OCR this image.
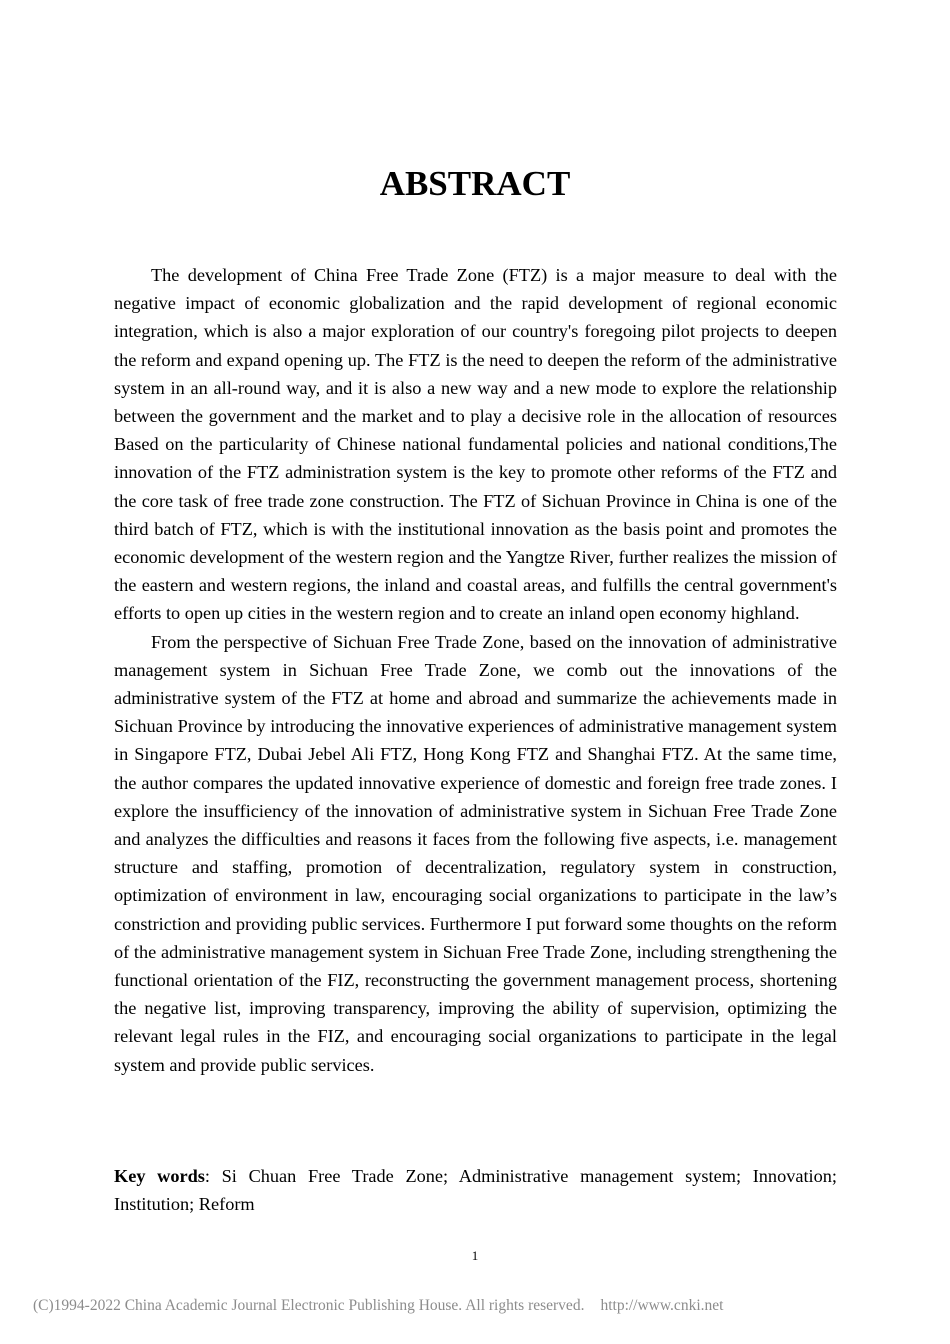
ABSTRACT

The development of China Free Trade Zone (FTZ) is a major measure to deal with the negative impact of economic globalization and the rapid development of regional economic integration, which is also a major exploration of our country's foregoing pilot projects to deepen the reform and expand opening up. The FTZ is the need to deepen the reform of the administrative system in an all-round way, and it is also a new way and a new mode to explore the relationship between the government and the market and to play a decisive role in the allocation of resources Based on the particularity of Chinese national fundamental policies and national conditions,The innovation of the FTZ administration system is the key to promote other reforms of the FTZ and the core task of free trade zone construction. The FTZ of Sichuan Province in China is one of the third batch of FTZ, which is with the institutional innovation as the basis point and promotes the economic development of the western region and the Yangtze River, further realizes the mission of the eastern and western regions, the inland and coastal areas, and fulfills the central government's efforts to open up cities in the western region and to create an inland open economy highland.

From the perspective of Sichuan Free Trade Zone, based on the innovation of administrative management system in Sichuan Free Trade Zone, we comb out the innovations of the administrative system of the FTZ at home and abroad and summarize the achievements made in Sichuan Province by introducing the innovative experiences of administrative management system in Singapore FTZ, Dubai Jebel Ali FTZ, Hong Kong FTZ and Shanghai FTZ. At the same time, the author compares the updated innovative experience of domestic and foreign free trade zones. I explore the insufficiency of the innovation of administrative system in Sichuan Free Trade Zone and analyzes the difficulties and reasons it faces from the following five aspects, i.e. management structure and staffing, promotion of decentralization, regulatory system in construction, optimization of environment in law, encouraging social organizations to participate in the law’s constriction and providing public services. Furthermore I put forward some thoughts on the reform of the administrative management system in Sichuan Free Trade Zone, including strengthening the functional orientation of the FIZ, reconstructing the government management process, shortening the negative list, improving transparency, improving the ability of supervision, optimizing the relevant legal rules in the FIZ, and encouraging social organizations to participate in the legal system and provide public services.

Key words: Si Chuan Free Trade Zone; Administrative management system; Innovation; Institution; Reform

1
(C)1994-2022 China Academic Journal Electronic Publishing House. All rights reserved. http://www.cnki.net
